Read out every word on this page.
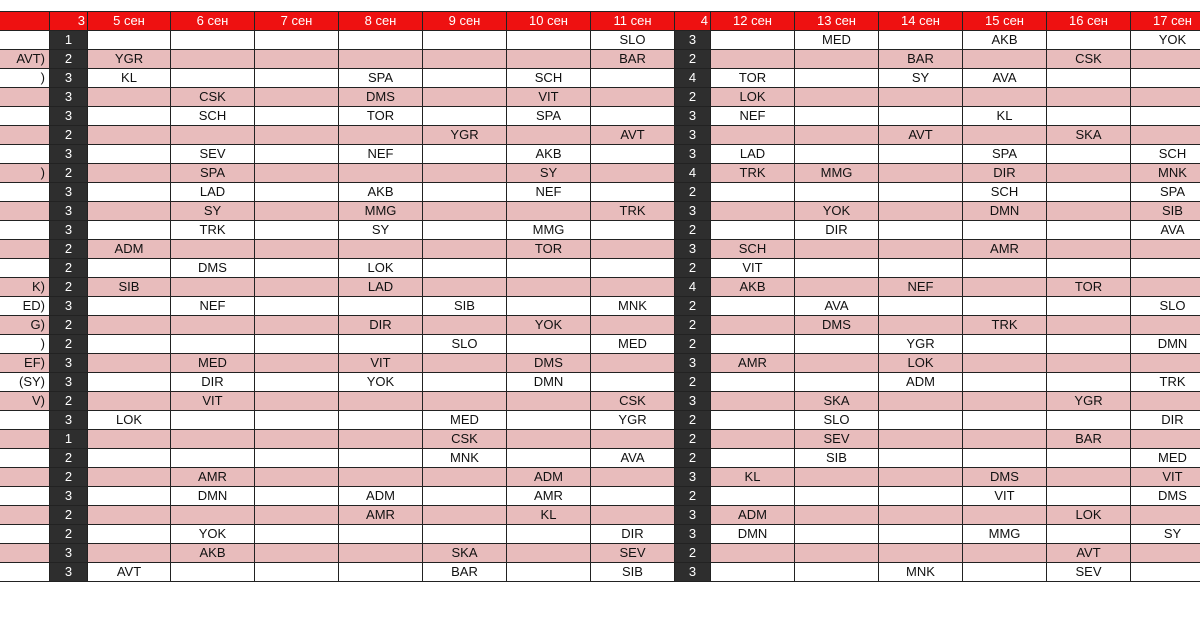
	3	5 сен	6 сен	7 сен	8 сен	9 сен	10 сен	11 сен	4	12 сен	13 сен	14 сен	15 сен	16 сен	17 сен
	1							SLO	3		MED		AKB		YOK
AVT)	2	YGR						BAR	2			BAR		CSK	
)	3	KL			SPA		SCH		4	TOR		SY	AVA		
	3		CSK		DMS		VIT		2	LOK					
	3		SCH		TOR		SPA		3	NEF			KL		
	2					YGR		AVT	3			AVT		SKA	
	3		SEV		NEF		AKB		3	LAD			SPA		SCH
)	2		SPA				SY		4	TRK	MMG		DIR		MNK
	3		LAD		AKB		NEF		2				SCH		SPA
	3		SY		MMG			TRK	3		YOK		DMN		SIB
	3		TRK		SY		MMG		2		DIR				AVA
	2	ADM					TOR		3	SCH			AMR		
	2		DMS		LOK				2	VIT					
K)	2	SIB			LAD				4	AKB		NEF		TOR	
ED)	3		NEF			SIB		MNK	2		AVA				SLO
G)	2				DIR		YOK		2		DMS		TRK		
)	2					SLO		MED	2			YGR			DMN
EF)	3		MED		VIT		DMS		3	AMR		LOK			
(SY)	3		DIR		YOK		DMN		2			ADM			TRK
V)	2		VIT					CSK	3		SKA			YGR	
	3	LOK				MED		YGR	2		SLO				DIR
	1					CSK			2		SEV			BAR	
	2					MNK		AVA	2		SIB				MED
	2		AMR				ADM		3	KL			DMS		VIT
	3		DMN		ADM		AMR		2				VIT		DMS
	2				AMR		KL		3	ADM				LOK	
	2		YOK					DIR	3	DMN			MMG		SY
	3		AKB			SKA		SEV	2					AVT	
	3	AVT				BAR		SIB	3			MNK		SEV	
